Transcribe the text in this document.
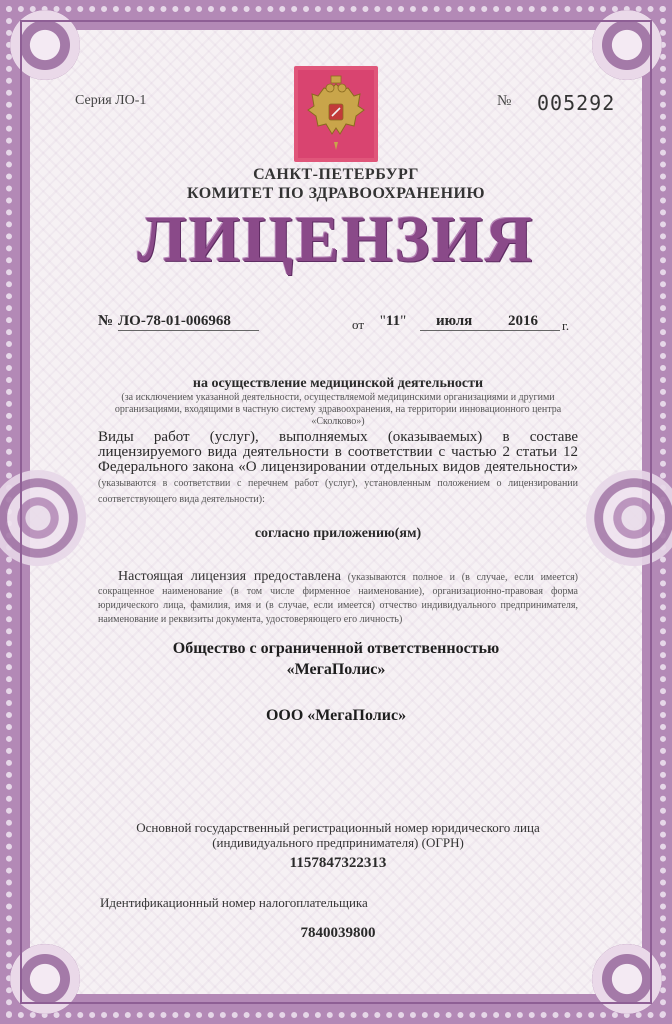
Серия ЛО-1	№ 005292
САНКТ-ПЕТЕРБУРГ
КОМИТЕТ ПО ЗДРАВООХРАНЕНИЮ
ЛИЦЕНЗИЯ
№ ЛО-78-01-006968	от	"11"	июля 2016
г.
на осуществление медицинской деятельности
(за исключением указанной деятельности, осуществляемой медицинскими организациями и другими
организациями, входящими в частную систему здравоохранения, на территории инновационного центра
«Сколково»)
Виды работ (услуг), выполняемых (оказываемых) в составе лицензируемого вида деятельности в соответствии с частью 2 статьи 12 Федерального закона «О лицензировании отдельных видов деятельности» (указываются в соответствии с перечнем работ (услуг), установленным положением о лицензировании соответствующего вида деятельности):
согласно приложению(ям)
Настоящая лицензия предоставлена (указываются полное и (в случае, если имеется) сокращенное наименование (в том числе фирменное наименование), организационно-правовая форма юридического лица, фамилия, имя и (в случае, если имеется) отчество индивидуального предпринимателя, наименование и реквизиты документа, удостоверяющего его личность)
Общество с ограниченной ответственностью
«МегаПолис»
ООО «МегаПолис»
Основной государственный регистрационный номер юридического лица
(индивидуального предпринимателя) (ОГРН)
1157847322313
Идентификационный номер налогоплательщика
7840039800
